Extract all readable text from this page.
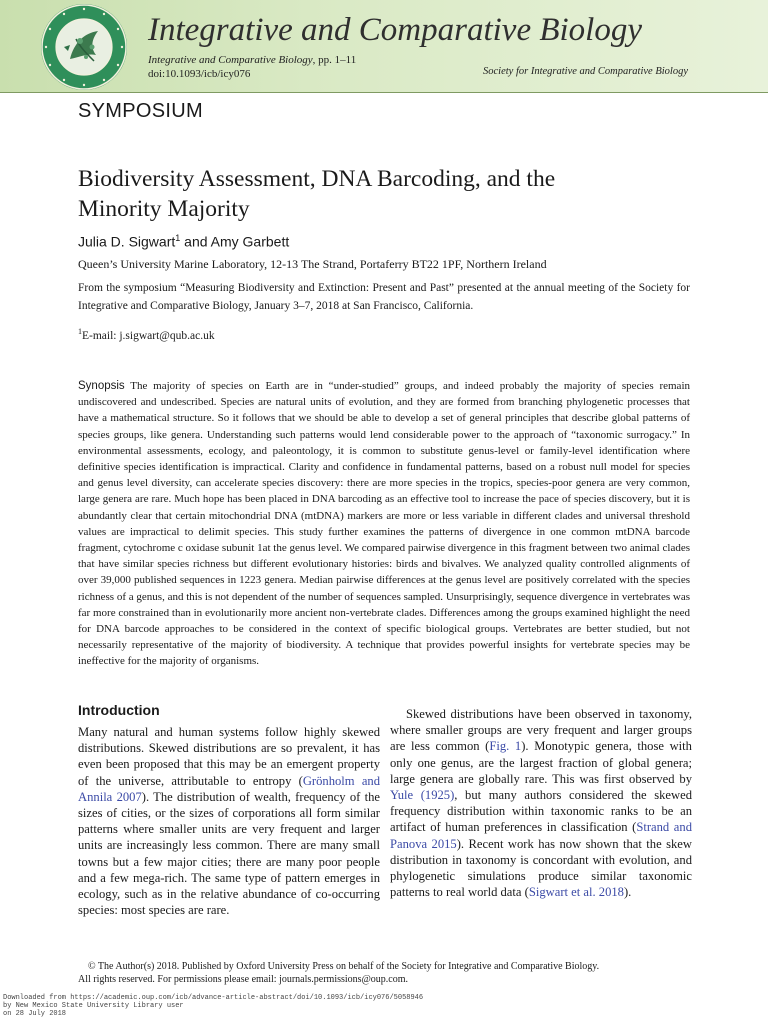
Integrative and Comparative Biology
Integrative and Comparative Biology, pp. 1–11
doi:10.1093/icb/icy076	Society for Integrative and Comparative Biology
SYMPOSIUM
Biodiversity Assessment, DNA Barcoding, and the
Minority Majority
Julia D. Sigwart$^1$ and Amy Garbett
Queen’s University Marine Laboratory, 12-13 The Strand, Portaferry BT22 1PF, Northern Ireland
From the symposium “Measuring Biodiversity and Extinction: Present and Past” presented at the annual meeting of the Society for Integrative and Comparative Biology, January 3–7, 2018 at San Francisco, California.
$^1$E-mail: j.sigwart@qub.ac.uk

Synopsis The majority of species on Earth are in “under-studied” groups, and indeed probably the majority of species remain undiscovered and undescribed. Species are natural units of evolution, and they are formed from branching phylogenetic processes that have a mathematical structure. So it follows that we should be able to develop a set of general principles that describe global patterns of species groups, like genera. Understanding such patterns would lend considerable power to the approach of “taxonomic surrogacy.” In environmental assessments, ecology, and paleontology, it is common to substitute genus-level or family-level identification where definitive species identification is impractical. Clarity and confidence in fundamental patterns, based on a robust null model for species and genus level diversity, can accelerate species discovery: there are more species in the tropics, species-poor genera are very common, large genera are rare. Much hope has been placed in DNA barcoding as an effective tool to increase the pace of species discovery, but it is abundantly clear that certain mitochondrial DNA (mtDNA) markers are more or less variable in different clades and universal threshold values are impractical to delimit species. This study further examines the patterns of divergence in one common mtDNA barcode fragment, cytochrome c oxidase subunit 1at the genus level. We compared pairwise divergence in this fragment between two animal clades that have similar species richness but different evolutionary histories: birds and bivalves. We analyzed quality controlled alignments of over 39,000 published sequences in 1223 genera. Median pairwise differences at the genus level are positively correlated with the species richness of a genus, and this is not dependent of the number of sequences sampled. Unsurprisingly, sequence divergence in vertebrates was far more constrained than in evolutionarily more ancient non-vertebrate clades. Differences among the groups examined highlight the need for DNA barcode approaches to be considered in the context of specific biological groups. Vertebrates are better studied, but not necessarily representative of the majority of biodiversity. A technique that provides powerful insights for vertebrate species may be ineffective for the majority of organisms.

Introduction

Many natural and human systems follow highly skewed distributions. Skewed distributions are so prevalent, it has even been proposed that this may be an emergent property of the universe, attributable to entropy (Grönholm and Annila 2007). The distribution of wealth, frequency of the sizes of cities, or the sizes of corporations all form similar patterns where smaller units are very frequent and larger units are increasingly less common. There are many small towns but a few major cities; there are many poor people and a few mega-rich. The same type of pattern emerges in ecology, such as in the relative abundance of co-occurring species: most species are rare.

Skewed distributions have been observed in taxonomy, where smaller groups are very frequent and larger groups are less common (Fig. 1). Monotypic genera, those with only one genus, are the largest fraction of global genera; large genera are globally rare. This was first observed by Yule (1925), but many authors considered the skewed frequency distribution within taxonomic ranks to be an artifact of human preferences in classification (Strand and Panova 2015). Recent work has now shown that the skew distribution in taxonomy is concordant with evolution, and phylogenetic simulations produce similar taxonomic patterns to real world data (Sigwart et al. 2018).

© The Author(s) 2018. Published by Oxford University Press on behalf of the Society for Integrative and Comparative Biology.
All rights reserved. For permissions please email: journals.permissions@oup.com.
Downloaded from https://academic.oup.com/icb/advance-article-abstract/doi/10.1093/icb/icy076/5058946
by New Mexico State University Library user
on 28 July 2018
